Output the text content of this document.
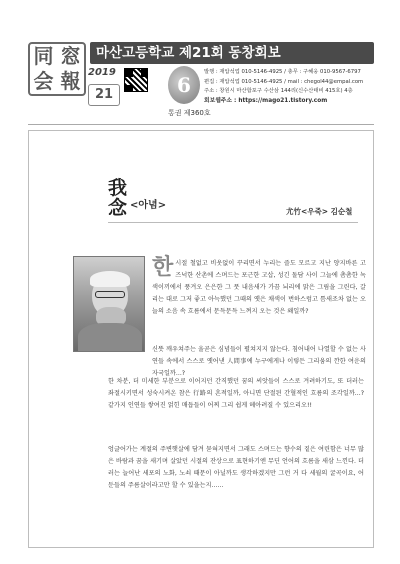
同 窓
会 報
마산고등학교 제21회 동창회보
2019
21	6
통권 제360호
발행 : 재압석업 010-5146-4925 / 총무 : 구혜웅 010-9567-6797
편집 : 재압석업 010-5146-4925 / mail : chegol44@empal.com
주소 : 창원시 마산합포구 수산삼 144리(신수산태비 415호) 4층
회보웹주소 : https://mago21.tistory.com
我
念 <아념>
尤竹<우죽> 김순철
한 시절 철없고 비웃없이 꾸리면서 누리는 즐도 모르고 지난 양지바른 고즈넉한 산촌에 스며드는 포근한 고삽, 성긴 돌담 사이 그늘에 촘촘한 녹색이끼에서 풍겨오 은은한 그 풋 내음새가 가끔 뇌리에 맑은 그림을 그린다, 갈리는 대로 그저 좋고 아늑했던 그때의 옛은 채색이 번하스럼고 틈새조차 없는 오늘의 소음 속 흐름에서 문득문득 느껴지 오는 것은 왜일까?

신뜻 깨우쳐주는 울곧은 심념들이 펼쳐지지 않는다. 침어내어 나열할 수 없는 사연들 속에서 스스로 옛어낸 人間事에 누구에게나 이렇든 그리움의 깐한 여운의 자국일까...?

한 차분, 더 미세한 부분으로 이어지던 간직했던 꿈의 씨앗들이 스스로 겨려하기도, 또 더러는 좌절시키면서 성숙시켜온 참은 行路의 흔적일까, 아니면 단절된 간혈적인 흐름의 조각일까...?같가지 인연들 쌓여진 얽힌 매듭들이 어찌 그리 쉽게 헤아려질 수 있으리오!!

엉글어가는 계절의 주변햇살에 담겨 묻혀지면서 그래도 스며드는 향수의 짙은 여린함은 너무 많은 바람과 꿈을 새기며 살았던 시절의 잔상으로 표현하기엔 무딘 언어의 흐름을 새삼 느낀다. 더러는 늘어난 세포의 노화, 노쇠 때문이 아닐까도 생각하겠지만 그런 거 다 세월의 굴곡이요, 어둔들의 주름살이라고만 할 수 있을는지......
